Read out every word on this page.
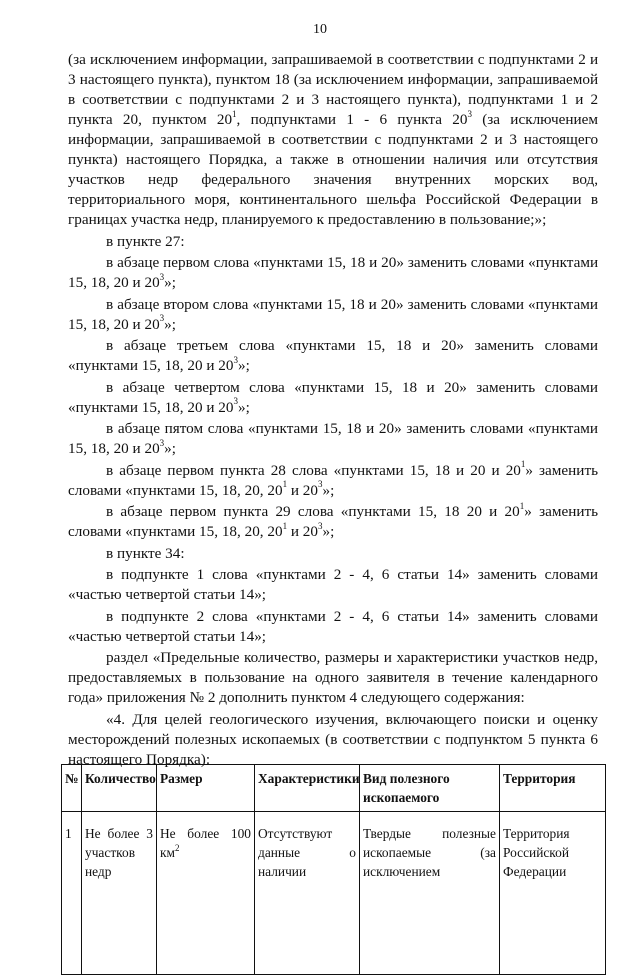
10

(за исключением информации, запрашиваемой в соответствии с подпунктами 2 и 3 настоящего пункта), пунктом 18 (за исключением информации, запрашиваемой в соответствии с подпунктами 2 и 3 настоящего пункта), подпунктами 1 и 2 пункта 20, пунктом $20^1$, подпунктами 1 - 6 пункта $20^3$ (за исключением информации, запрашиваемой в соответствии с подпунктами 2 и 3 настоящего пункта) настоящего Порядка, а также в отношении наличия или отсутствия участков недр федерального значения внутренних морских вод, территориального моря, континентального шельфа Российской Федерации в границах участка недр, планируемого к предоставлению в пользование;»;

в пункте 27:

в абзаце первом слова «пунктами 15, 18 и 20» заменить словами «пунктами 15, 18, 20 и $20^3$»;

в абзаце втором слова «пунктами 15, 18 и 20» заменить словами «пунктами 15, 18, 20 и $20^3$»;

в абзаце третьем слова «пунктами 15, 18 и 20» заменить словами «пунктами 15, 18, 20 и $20^3$»;

в абзаце четвертом слова «пунктами 15, 18 и 20» заменить словами «пунктами 15, 18, 20 и $20^3$»;

в абзаце пятом слова «пунктами 15, 18 и 20» заменить словами «пунктами 15, 18, 20 и $20^3$»;

в абзаце первом пункта 28 слова «пунктами 15, 18 и 20 и $20^1$» заменить словами «пунктами 15, 18, 20, $20^1$ и $20^3$»;

в абзаце первом пункта 29 слова «пунктами 15, 18 20 и $20^1$» заменить словами «пунктами 15, 18, 20, $20^1$ и $20^3$»;

в пункте 34:

в подпункте 1 слова «пунктами 2 - 4, 6 статьи 14» заменить словами «частью четвертой статьи 14»;

в подпункте 2 слова «пунктами 2 - 4, 6 статьи 14» заменить словами «частью четвертой статьи 14»;

раздел «Предельные количество, размеры и характеристики участков недр, предоставляемых в пользование на одного заявителя в течение календарного года» приложения № 2 дополнить пунктом 4 следующего содержания:

«4. Для целей геологического изучения, включающего поиски и оценку месторождений полезных ископаемых (в соответствии с подпунктом 5 пункта 6 настоящего Порядка):

№	Количество	Размер	Характеристики	Вид полезного ископаемого	Территория
1	Не более 3 участков недр	Не более 100 $км^2$	Отсутствуют данные о наличии	Твердые полезные ископаемые (за исключением	Территория Российской Федерации
